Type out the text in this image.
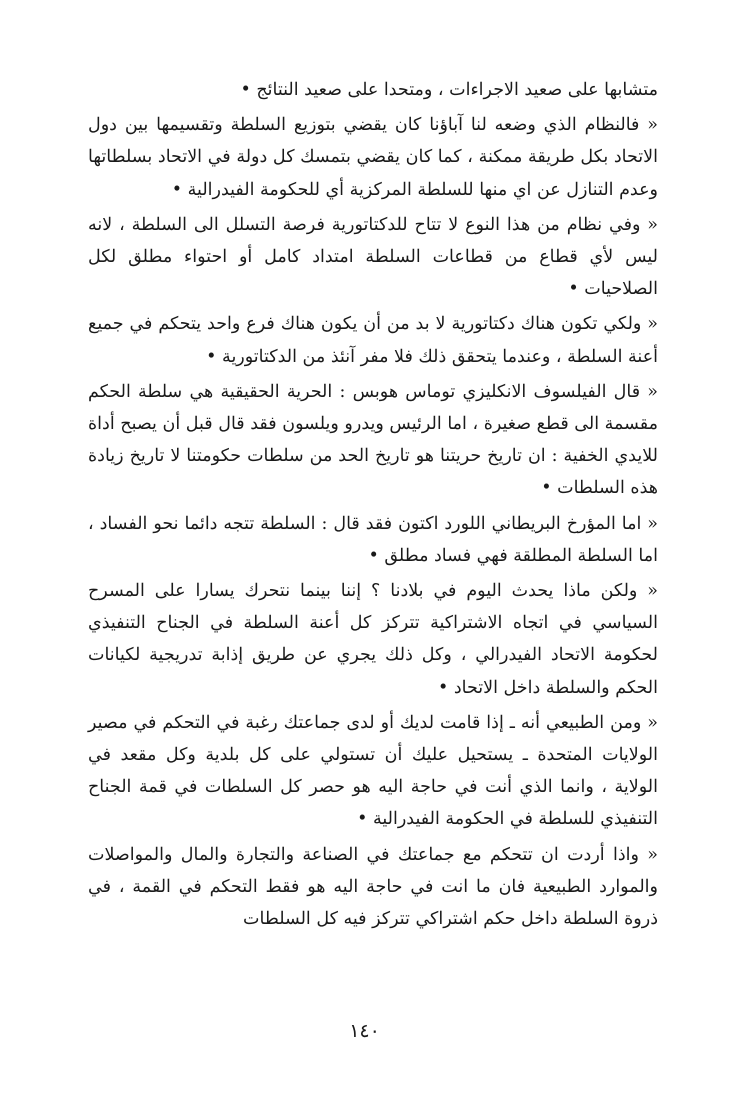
متشابها على صعيد الاجراءات ، ومتحدا على صعيد النتائج •

« فالنظام الذي وضعه لنا آباؤنا كان يقضي بتوزيع السلطة وتقسيمها بين دول الاتحاد بكل طريقة ممكنة ، كما كان يقضي بتمسك كل دولة في الاتحاد بسلطاتها وعدم التنازل عن اي منها للسلطة المركزية أي للحكومة الفيدرالية •

« وفي نظام من هذا النوع لا تتاح للدكتاتورية فرصة التسلل الى السلطة ، لانه ليس لأي قطاع من قطاعات السلطة امتداد كامل أو احتواء مطلق لكل الصلاحيات •

« ولكي تكون هناك دكتاتورية لا بد من أن يكون هناك فرع واحد يتحكم في جميع أعنة السلطة ، وعندما يتحقق ذلك فلا مفر آنئذ من الدكتاتورية •

« قال الفيلسوف الانكليزي توماس هوبس : الحرية الحقيقية هي سلطة الحكم مقسمة الى قطع صغيرة ، اما الرئيس ويدرو ويلسون فقد قال قبل أن يصبح أداة للايدي الخفية : ان تاريخ حريتنا هو تاريخ الحد من سلطات حكومتنا لا تاريخ زيادة هذه السلطات •

« اما المؤرخ البريطاني اللورد اكتون فقد قال : السلطة تتجه دائما نحو الفساد ، اما السلطة المطلقة فهي فساد مطلق •

« ولكن ماذا يحدث اليوم في بلادنا ؟ إننا بينما نتحرك يسارا على المسرح السياسي في اتجاه الاشتراكية تتركز كل أعنة السلطة في الجناح التنفيذي لحكومة الاتحاد الفيدرالي ، وكل ذلك يجري عن طريق إذابة تدريجية لكيانات الحكم والسلطة داخل الاتحاد •

« ومن الطبيعي أنه ـ إذا قامت لديك أو لدى جماعتك رغبة في التحكم في مصير الولايات المتحدة ـ يستحيل عليك أن تستولي على كل بلدية وكل مقعد في الولاية ، وانما الذي أنت في حاجة اليه هو حصر كل السلطات في قمة الجناح التنفيذي للسلطة في الحكومة الفيدرالية •

« واذا أردت ان تتحكم مع جماعتك في الصناعة والتجارة والمال والمواصلات والموارد الطبيعية فان ما انت في حاجة اليه هو فقط التحكم في القمة ، في ذروة السلطة داخل حكم اشتراكي تتركز فيه كل السلطات

١٤٠
